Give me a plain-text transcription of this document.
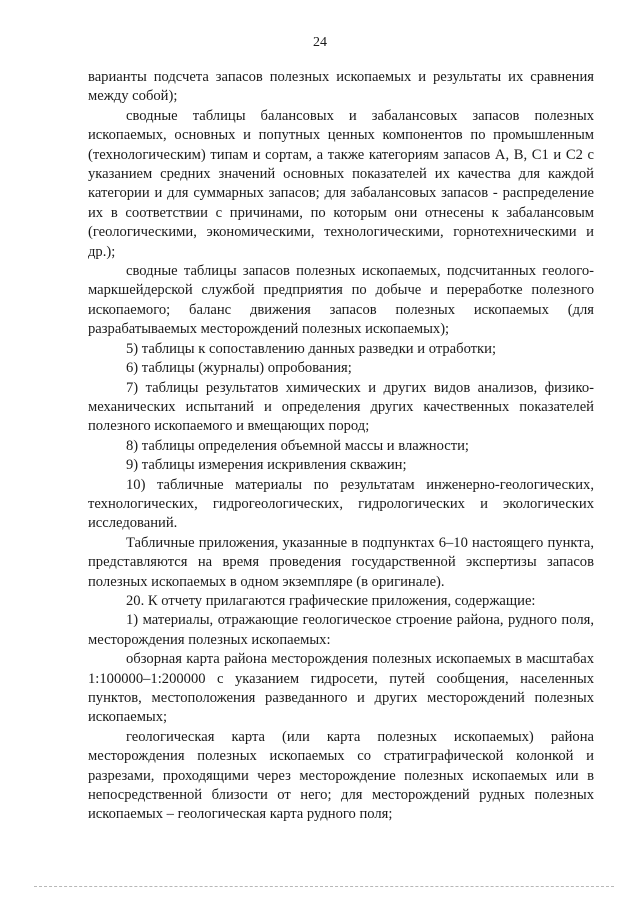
24

варианты подсчета запасов полезных ископаемых и результаты их сравнения между собой);

сводные таблицы балансовых и забалансовых запасов полезных ископаемых, основных и попутных ценных компонентов по промышленным (технологическим) типам и сортам, а также категориям запасов А, В, С1 и С2 с указанием средних значений основных показателей их качества для каждой категории и для суммарных запасов; для забалансовых запасов - распределение их в соответствии с причинами, по которым они отнесены к забалансовым (геологическими, экономическими, технологическими, горнотехническими и др.);

сводные таблицы запасов полезных ископаемых, подсчитанных геолого-маркшейдерской службой предприятия по добыче и переработке полезного ископаемого; баланс движения запасов полезных ископаемых (для разрабатываемых месторождений полезных ископаемых);

5) таблицы к сопоставлению данных разведки и отработки;

6) таблицы (журналы) опробования;

7) таблицы результатов химических и других видов анализов, физико-механических испытаний и определения других качественных показателей полезного ископаемого и вмещающих пород;

8) таблицы определения объемной массы и влажности;

9) таблицы измерения искривления скважин;

10) табличные материалы по результатам инженерно-геологических, технологических, гидрогеологических, гидрологических и экологических исследований.

Табличные приложения, указанные в подпунктах 6–10 настоящего пункта, представляются на время проведения государственной экспертизы запасов полезных ископаемых в одном экземпляре (в оригинале).

20. К отчету прилагаются графические приложения, содержащие:

1) материалы, отражающие геологическое строение района, рудного поля, месторождения полезных ископаемых:

обзорная карта района месторождения полезных ископаемых в масштабах 1:100000–1:200000 с указанием гидросети, путей сообщения, населенных пунктов, местоположения разведанного и других месторождений полезных ископаемых;

геологическая карта (или карта полезных ископаемых) района месторождения полезных ископаемых со стратиграфической колонкой и разрезами, проходящими через месторождение полезных ископаемых или в непосредственной близости от него; для месторождений рудных полезных ископаемых – геологическая карта рудного поля;
